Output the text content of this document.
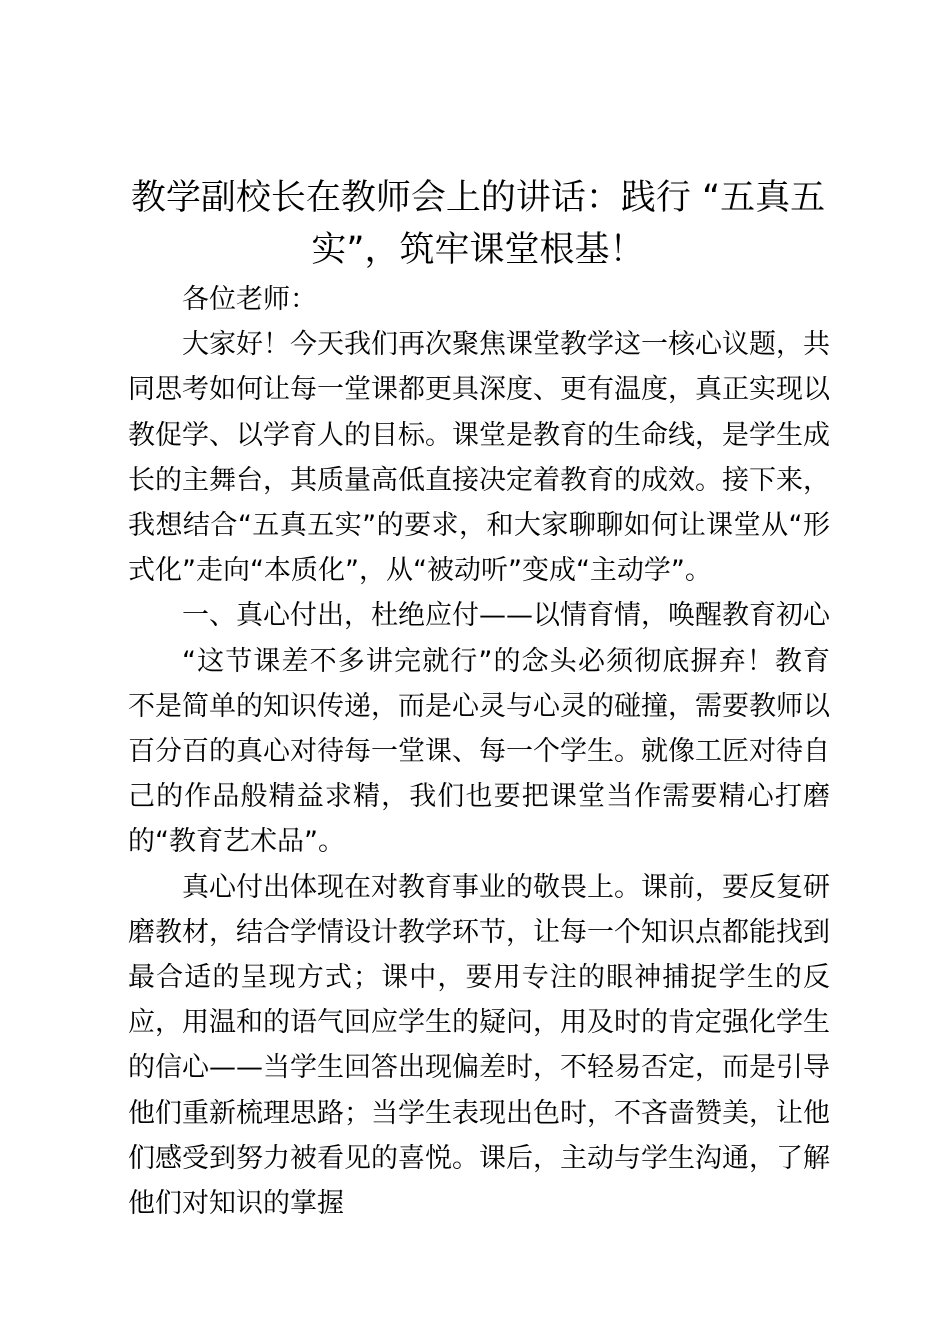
教学副校长在教师会上的讲话：践行 “五真五实”，筑牢课堂根基！

各位老师：

大家好！今天我们再次聚焦课堂教学这一核心议题，共同思考如何让每一堂课都更具深度、更有温度，真正实现以教促学、以学育人的目标。课堂是教育的生命线，是学生成长的主舞台，其质量高低直接决定着教育的成效。接下来，我想结合“五真五实”的要求，和大家聊聊如何让课堂从“形式化”走向“本质化”，从“被动听”变成“主动学”。

一、真心付出，杜绝应付——以情育情，唤醒教育初心

“这节课差不多讲完就行”的念头必须彻底摒弃！教育不是简单的知识传递，而是心灵与心灵的碰撞，需要教师以百分百的真心对待每一堂课、每一个学生。就像工匠对待自己的作品般精益求精，我们也要把课堂当作需要精心打磨的“教育艺术品”。

真心付出体现在对教育事业的敬畏上。课前，要反复研磨教材，结合学情设计教学环节，让每一个知识点都能找到最合适的呈现方式；课中，要用专注的眼神捕捉学生的反应，用温和的语气回应学生的疑问，用及时的肯定强化学生的信心——当学生回答出现偏差时，不轻易否定，而是引导他们重新梳理思路；当学生表现出色时，不吝啬赞美，让他们感受到努力被看见的喜悦。课后，主动与学生沟通，了解他们对知识的掌握
